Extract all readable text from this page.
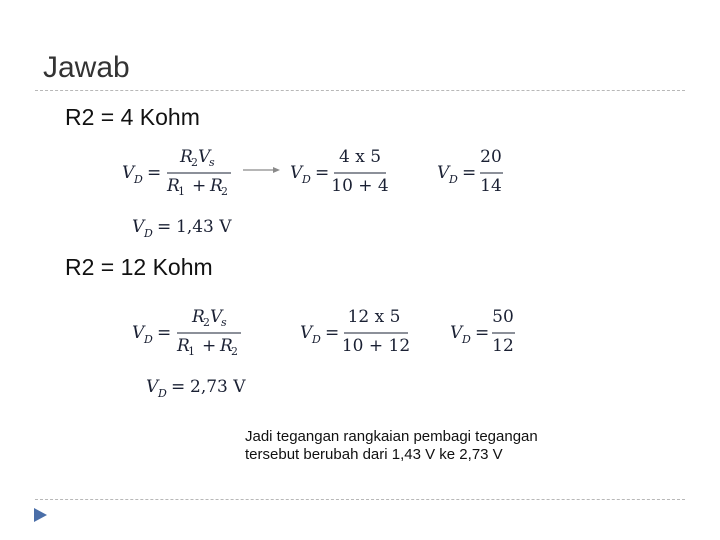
Jawab
R2 = 4 Kohm
V D =
R
2 V
s
R
1 + R
2
V D =
4 x 5
10 + 4
V D =
20
14
V D = 1,43 V
R2 = 12 Kohm
V D =
R
2 V
s
R
1 + R
2
V D =
12 x 5
10 + 12
V D =
50
12
V D = 2,73 V
Jadi tegangan rangkaian pembagi tegangan tersebut berubah dari 1,43 V ke 2,73 V
